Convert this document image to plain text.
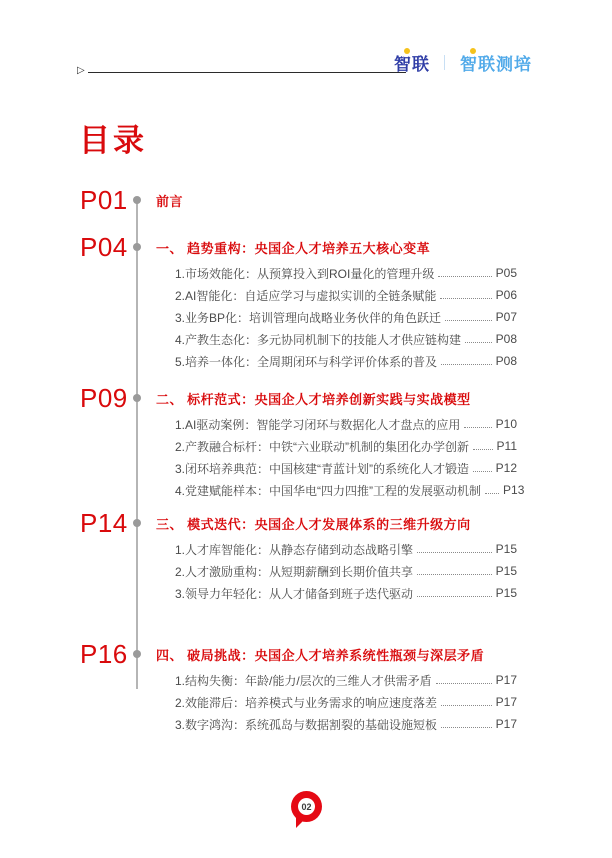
▷	智联 ｜ 智联测培
目录
P01	前言
P04	一、 趋势重构：央国企人才培养五大核心变革
1.市场效能化：从预算投入到ROI量化的管理升级	P05
2.AI智能化：自适应学习与虚拟实训的全链条赋能	P06
3.业务BP化：培训管理向战略业务伙伴的角色跃迁	P07
4.产教生态化：多元协同机制下的技能人才供应链构建	P08
5.培养一体化：全周期闭环与科学评价体系的普及	P08
P09	二、 标杆范式：央国企人才培养创新实践与实战模型
1.AI驱动案例：智能学习闭环与数据化人才盘点的应用	P10
2.产教融合标杆：中铁“六业联动”机制的集团化办学创新 P11
3.闭环培养典范：中国核建“青蓝计划”的系统化人才锻造 P12
4.党建赋能样本：中国华电“四力四推”工程的发展驱动机制 P13
P14	三、 模式迭代：央国企人才发展体系的三维升级方向
1.人才库智能化：从静态存储到动态战略引擎	P15
2.人才激励重构：从短期薪酬到长期价值共享	P15
3.领导力年轻化：从人才储备到班子迭代驱动	P15
P16	四、 破局挑战：央国企人才培养系统性瓶颈与深层矛盾
1.结构失衡：年龄/能力/层次的三维人才供需矛盾	P17
2.效能滞后：培养模式与业务需求的响应速度落差	P17
3.数字鸿沟：系统孤岛与数据割裂的基础设施短板	P17
02
